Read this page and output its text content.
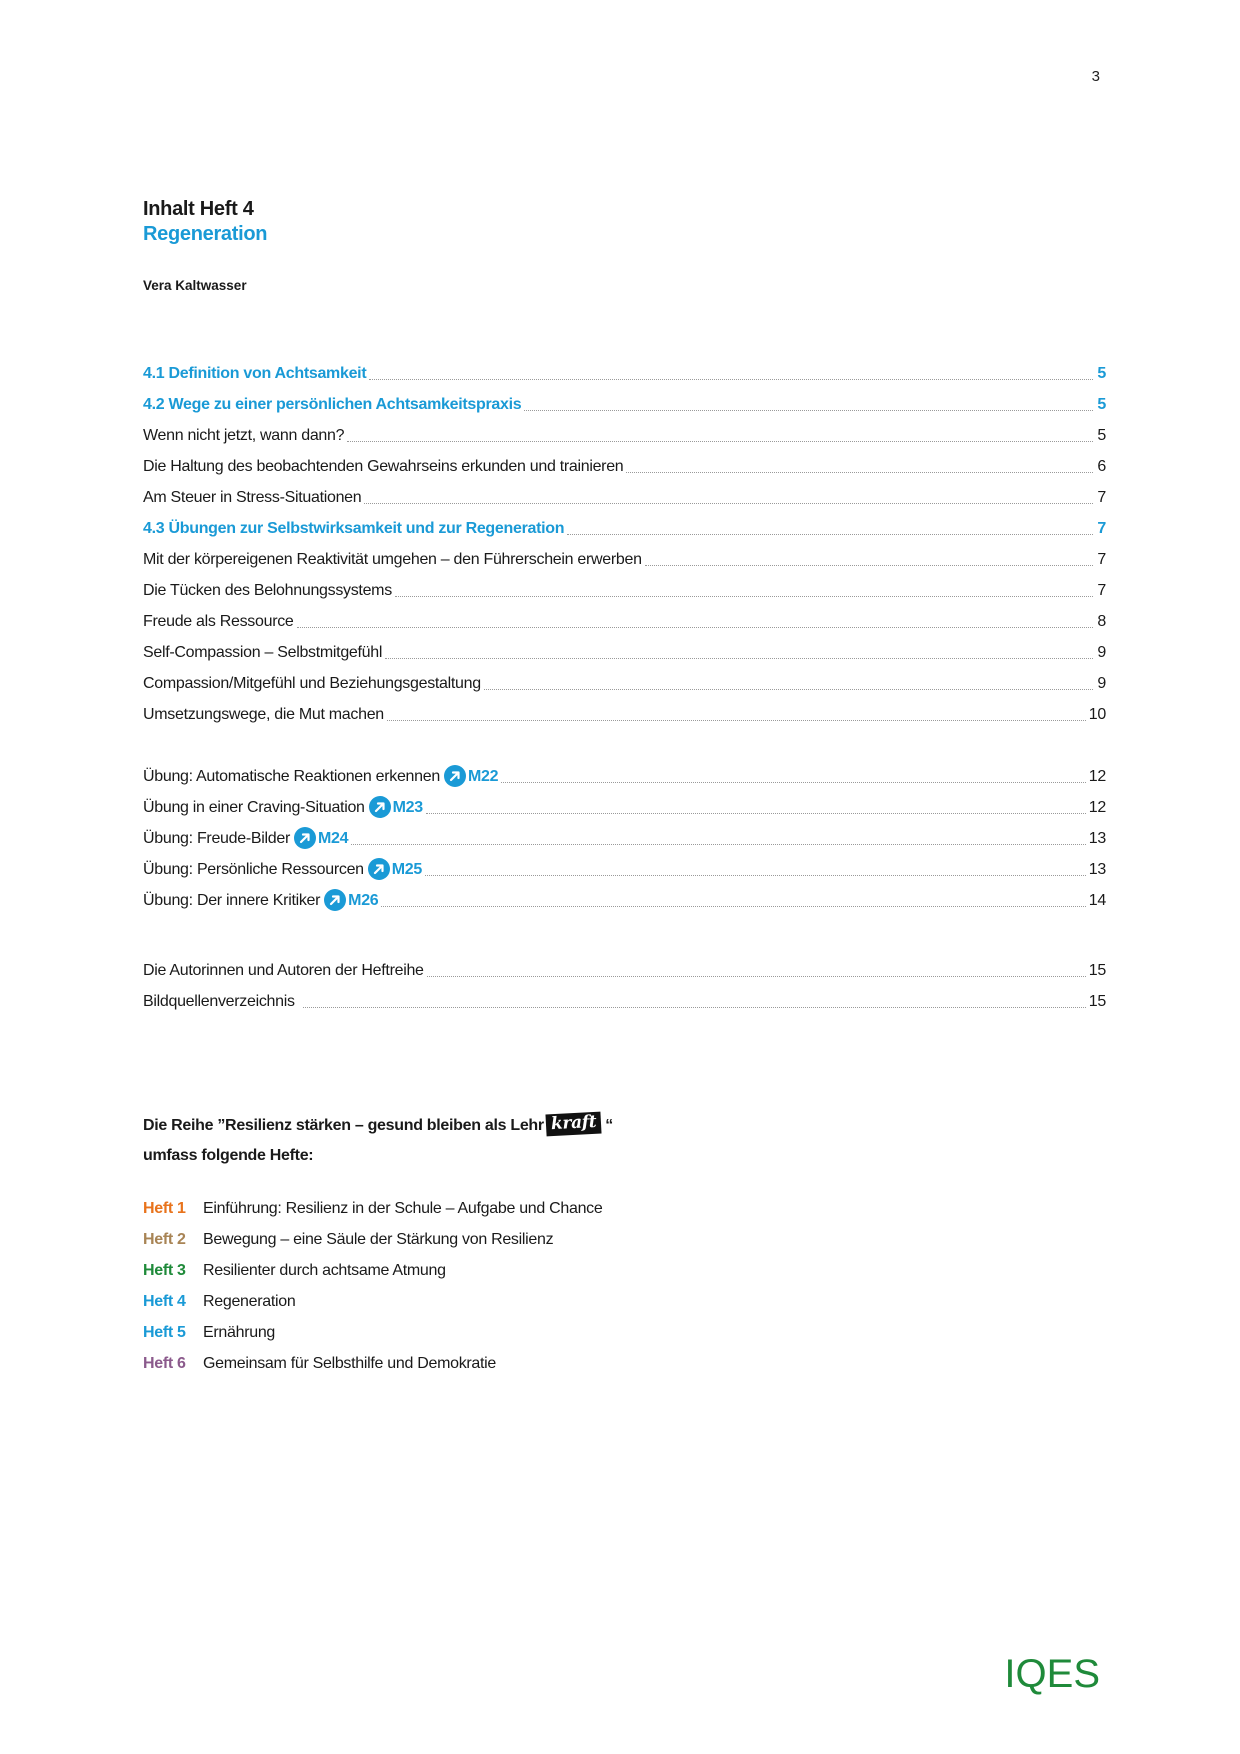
3
Inhalt Heft 4
Regeneration
Vera Kaltwasser
4.1 Definition von Achtsamkeit	5
4.2 Wege zu einer persönlichen Achtsamkeitspraxis	5
Wenn nicht jetzt, wann dann?	5
Die Haltung des beobachtenden Gewahrseins erkunden und trainieren	6
Am Steuer in Stress-Situationen	7
4.3 Übungen zur Selbstwirksamkeit und zur Regeneration	7
Mit der körpereigenen Reaktivität umgehen – den Führerschein erwerben	7
Die Tücken des Belohnungssystems	7
Freude als Ressource	8
Self-Compassion – Selbstmitgefühl	9
Compassion/Mitgefühl und Beziehungsgestaltung	9
Umsetzungswege, die Mut machen	10
Übung: Automatische Reaktionen erkennen M22	12
Übung in einer Craving-Situation M23	12
Übung: Freude-Bilder M24	13
Übung: Persönliche Ressourcen M25	13
Übung: Der innere Kritiker M26	14
Die Autorinnen und Autoren der Heftreihe	15
Bildquellenverzeichnis	15
Die Reihe ”Resilienz stärken – gesund bleiben als Lehr kraft “
umfass folgende Hefte:
Heft 1 Einführung: Resilienz in der Schule – Aufgabe und Chance
Heft 2 Bewegung – eine Säule der Stärkung von Resilienz
Heft 3 Resilienter durch achtsame Atmung
Heft 4 Regeneration
Heft 5 Ernährung
Heft 6 Gemeinsam für Selbsthilfe und Demokratie
IQES
